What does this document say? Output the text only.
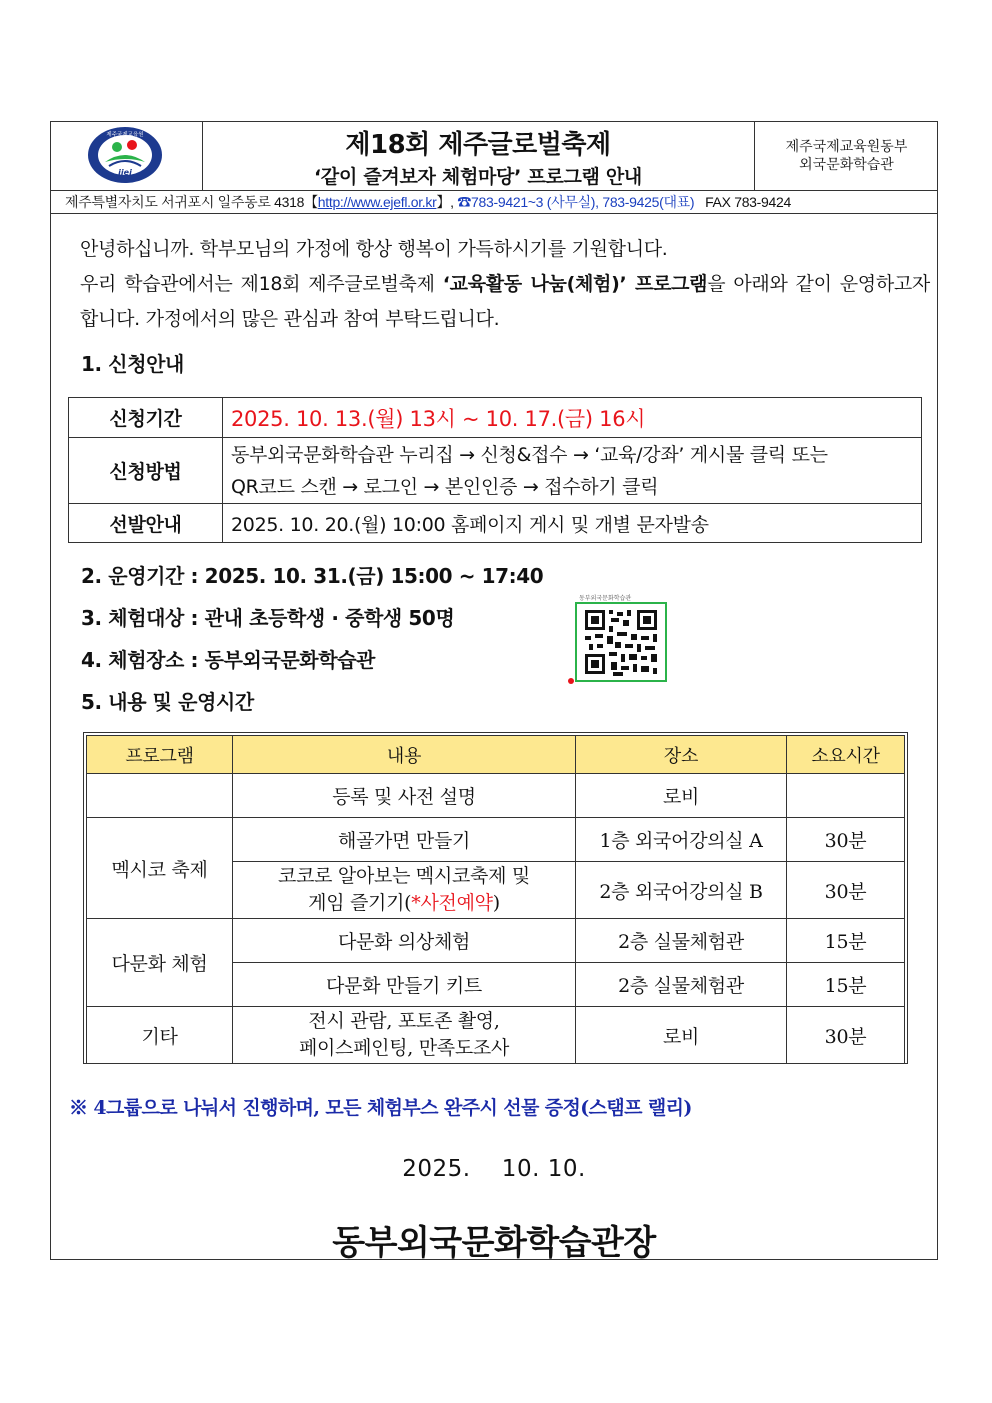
제주국제교육원
jiei
제18회 제주글로벌축제
‘같이 즐겨보자 체험마당’ 프로그램 안내
제주국제교육원동부
외국문화학습관
제주특별자치도 서귀포시 일주동로 4318【http://www.ejefl.or.kr】, ☎783-9421~3 (사무실), 783-9425(대표) FAX 783-9424

안녕하십니까. 학부모님의 가정에 항상 행복이 가득하시기를 기원합니다.

우리 학습관에서는 제18회 제주글로벌축제 ‘교육활동 나눔(체험)’ 프로그램을 아래와 같이 운영하고자 합니다. 가정에서의 많은 관심과 참여 부탁드립니다.

1. 신청안내
신청기간	2025. 10. 13.(월) 13시 ~ 10. 17.(금) 16시
신청방법	동부외국문화학습관 누리집 → 신청&접수 → ‘교육/강좌’ 게시물 클릭 또는
QR코드 스캔 → 로그인 → 본인인증 → 접수하기 클릭

선발안내	2025. 10. 20.(월) 10:00 홈페이지 게시 및 개별 문자발송
2. 운영기간 : 2025. 10. 31.(금) 15:00 ~ 17:40
3. 체험대상 : 관내 초등학생 · 중학생 50명
4. 체험장소 : 동부외국문화학습관
5. 내용 및 운영시간
동부외국문화학습관
프로그램	내용	장소	소요시간
	등록 및 사전 설명	로비	
멕시코 축제	해골가면 만들기	1층 외국어강의실 A	30분

	코코로 알아보는 멕시코축제 및
게임 즐기기(*사전예약)	2층 외국어강의실 B	30분
다문화 체험	다문화 의상체험	2층 실물체험관	15분
	다문화 만들기 키트	2층 실물체험관	15분
기타	전시 관람, 포토존 촬영,
페이스페인팅, 만족도조사	로비	30분
※ 4그룹으로 나눠서 진행하며, 모든 체험부스 완주시 선물 증정(스탬프 랠리)
2025.    10. 10.
동부외국문화학습관장
